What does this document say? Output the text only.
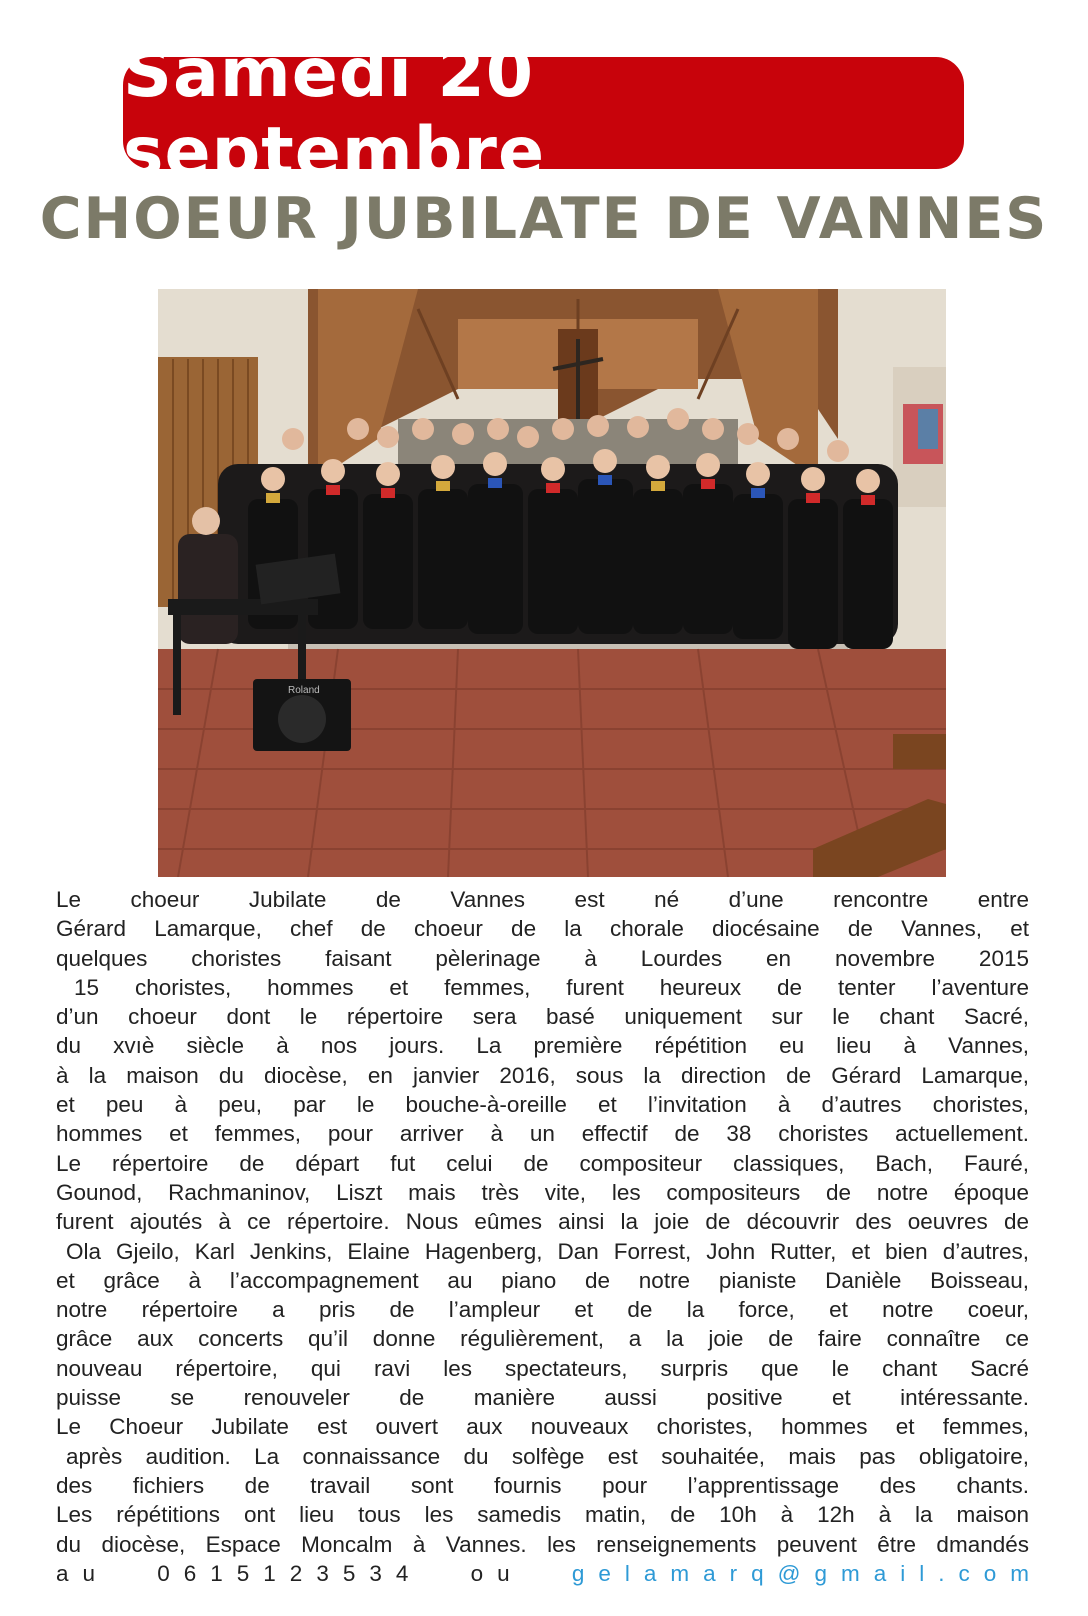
Samedi 20 septembre
CHOEUR JUBILATE DE VANNES
Roland
Le choeur Jubilate de Vannes est né d’une rencontre entre
Gérard Lamarque, chef de choeur de la chorale diocésaine de Vannes, et
quelques choristes faisant pèlerinage à Lourdes en novembre 2015
15 choristes, hommes et femmes, furent heureux de tenter l’aventure
d’un choeur dont le répertoire sera basé uniquement sur le chant Sacré,
du xvıè siècle à nos jours. La première répétition eu lieu à Vannes,
à la maison du diocèse, en janvier 2016, sous la direction de Gérard Lamarque,
et peu à peu, par le bouche-à-oreille et l’invitation à d’autres choristes,
hommes et femmes, pour arriver à un effectif de 38 choristes actuellement.
Le répertoire de départ fut celui de compositeur classiques, Bach, Fauré,
Gounod, Rachmaninov, Liszt mais très vite, les compositeurs de notre époque
furent ajoutés à ce répertoire. Nous eûmes ainsi la joie de découvrir des oeuvres de
Ola Gjeilo, Karl Jenkins, Elaine Hagenberg, Dan Forrest, John Rutter, et bien d’autres,
et grâce à l’accompagnement au piano de notre pianiste Danièle Boisseau,
notre répertoire a pris de l’ampleur et de la force, et notre coeur,
grâce aux concerts qu’il donne régulièrement, a la joie de faire connaître ce
nouveau répertoire, qui ravi les spectateurs, surpris que le chant Sacré
puisse se renouveler de manière aussi positive et intéressante.
Le Choeur Jubilate est ouvert aux nouveaux choristes, hommes et femmes,
après audition. La connaissance du solfège est souhaitée, mais pas obligatoire,
des fichiers de travail sont fournis pour l’apprentissage des chants.
Les répétitions ont lieu tous les samedis matin, de 10h à 12h à la maison
du diocèse, Espace Moncalm à Vannes. les renseignements peuvent être dmandés
au 0615123534 ou gelamarq@gmail.com
